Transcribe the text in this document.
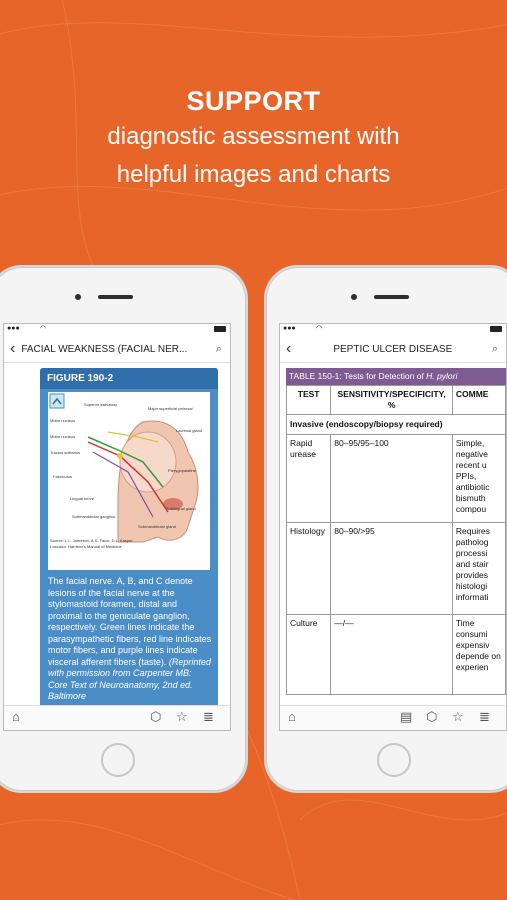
SUPPORT
diagnostic assessment with
helpful images and charts
●●●	◠
‹ FACIAL WEAKNESS (FACIAL NER...	⌕
FIGURE 190-2
Motor nucleus
Motor nucleus
Tractus solitarius
Fasciculus
Lingual nerve
Submandibular ganglion
Superior salivatory
Major superficial petrosal
Lacrimal gland
Pterygopalatine
Sublingual gland
Submandibular gland
Source: L.L. Jameson, A.S. Fauci, D.L. Kasper
Loscalzo: Harrison's Manual of Medicine
The facial nerve. A, B, and C denote lesions of the facial nerve at the stylomastoid foramen, distal and proximal to the geniculate ganglion, respectively. Green lines indicate the parasympathetic fibers, red line indicates motor fibers, and purple lines indicate visceral afferent fibers (taste). (Reprinted with permission from Carpenter MB: Core Text of Neuroanatomy, 2nd ed. Baltimore
⌂	⬡ ☆ ≣
●●●	◠
‹	PEPTIC ULCER DISEASE	⌕
TABLE 150-1: Tests for Detection of H. pylori
TEST	SENSITIVITY/SPECIFICITY, %	COMME
Invasive (endoscopy/biopsy required)		
Rapid urease	80–95/95–100	Simple, negative recent u PPIs, antibiotic bismuth compou
Histology	80–90/>95	Requires patholog processi and stair provides histologi informati
Culture	—/—	Time consumi expensiv depende on experien
⌂	▤ ⬡ ☆ ≣
